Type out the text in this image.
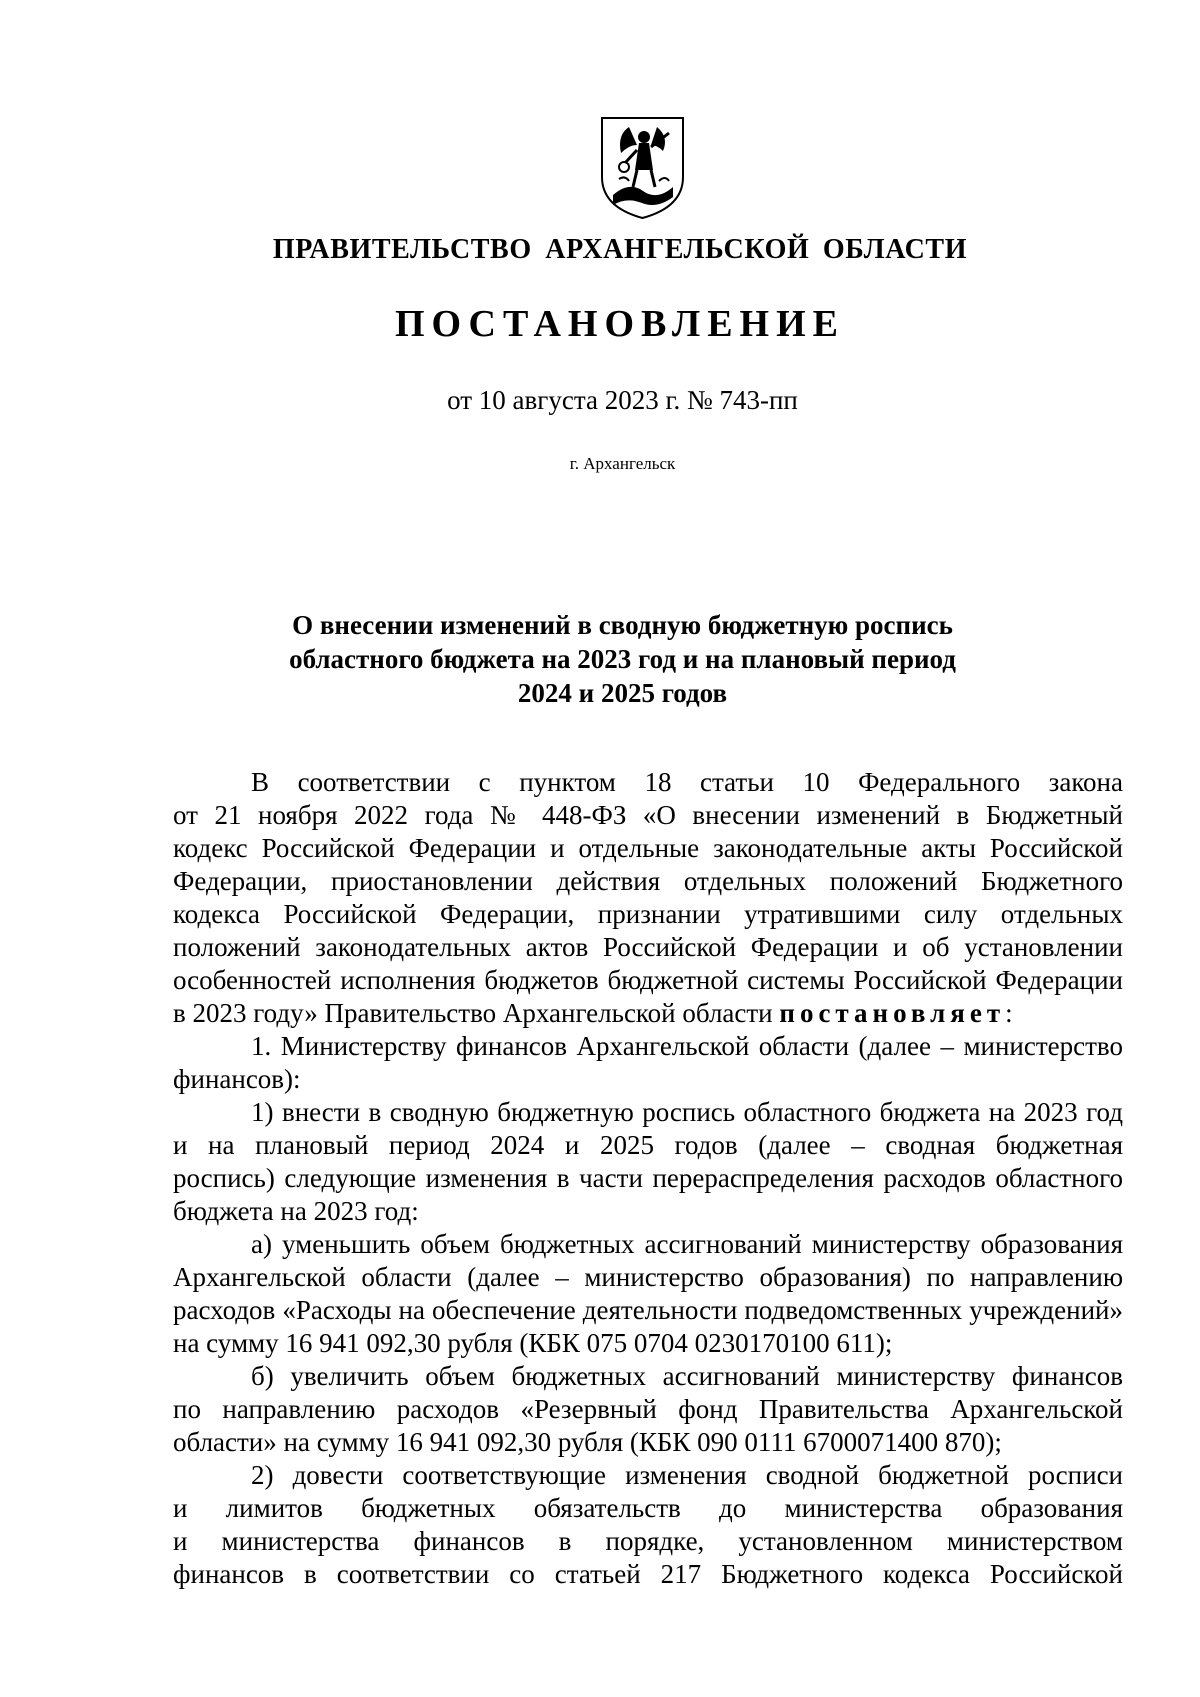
ПРАВИТЕЛЬСТВО АРХАНГЕЛЬСКОЙ ОБЛАСТИ
ПОСТАНОВЛЕНИЕ
от 10 августа 2023 г. № 743-пп
г. Архангельск
О внесении изменений в сводную бюджетную роспись
областного бюджета на 2023 год и на плановый период
2024 и 2025 годов
В соответствии с пунктом 18 статьи 10 Федерального закона
от 21 ноября 2022 года № 448-ФЗ «О внесении изменений в Бюджетный
кодекс Российской Федерации и отдельные законодательные акты Российской
Федерации, приостановлении действия отдельных положений Бюджетного
кодекса Российской Федерации, признании утратившими силу отдельных
положений законодательных актов Российской Федерации и об установлении
особенностей исполнения бюджетов бюджетной системы Российской Федерации
в 2023 году» Правительство Архангельской области постановляет:
1. Министерству финансов Архангельской области (далее – министерство
финансов):
1) внести в сводную бюджетную роспись областного бюджета на 2023 год
и на плановый период 2024 и 2025 годов (далее – сводная бюджетная
роспись) следующие изменения в части перераспределения расходов областного
бюджета на 2023 год:
а) уменьшить объем бюджетных ассигнований министерству образования
Архангельской области (далее – министерство образования) по направлению
расходов «Расходы на обеспечение деятельности подведомственных учреждений»
на сумму 16 941 092,30 рубля (КБК 075 0704 0230170100 611);
б) увеличить объем бюджетных ассигнований министерству финансов
по направлению расходов «Резервный фонд Правительства Архангельской
области» на сумму 16 941 092,30 рубля (КБК 090 0111 6700071400 870);
2) довести соответствующие изменения сводной бюджетной росписи
и лимитов бюджетных обязательств до министерства образования
и министерства финансов в порядке, установленном министерством
финансов в соответствии со статьей 217 Бюджетного кодекса Российской
